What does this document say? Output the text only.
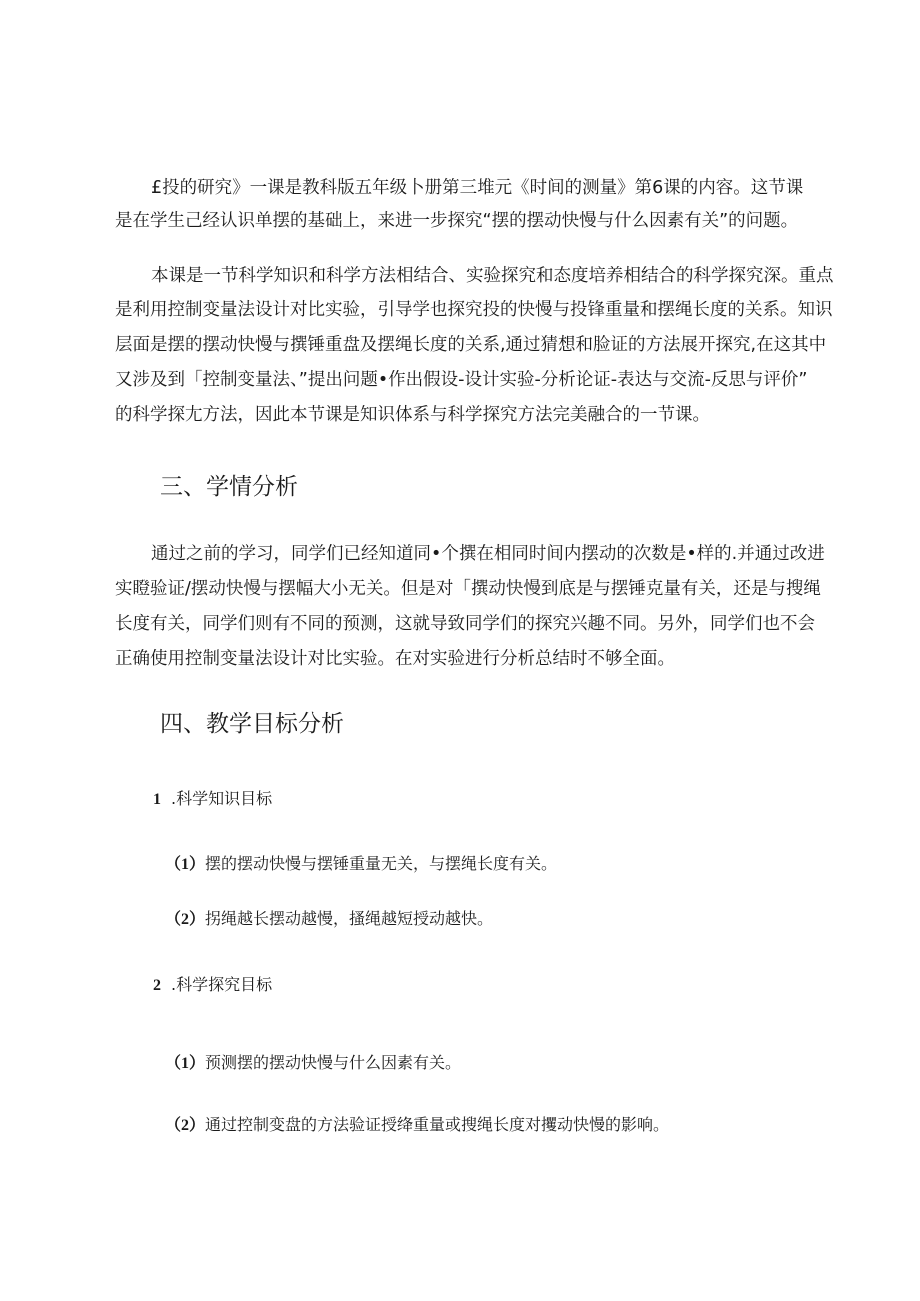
£投的研究》一课是教科版五年级卜册第三堆元《时间的测量》第6课的内容。这节课
是在学生己经认识单摆的基础上，来进一步探究“摆的摆动快慢与什么因素有关”的问题。
本课是一节科学知识和科学方法相结合、实验探究和态度培养相结合的科学探究深。重点
是利用控制变量法设计对比实验，引导学也探究投的快慢与投锋重量和摆绳长度的关系。知识
层面是摆的摆动快慢与撰锤重盘及摆绳长度的关系,通过猜想和脸证的方法展开探究,在这其中
又涉及到「控制变量法、”提出问题•作出假设-设计实验-分析论证-表达与交流-反思与评价”
的科学探尢方法，因此本节课是知识体系与科学探究方法完美融合的一节课。
三、学情分析
通过之前的学习，同学们已经知道同•个撰在相同时间内摆动的次数是•样的.并通过改进
实瞪验证/摆动快慢与摆幅大小无关。但是对「撰动快慢到底是与摆锤克量有关，还是与搜绳
长度有关，同学们则有不同的预测，这就导致同学们的探究兴趣不同。另外，同学们也不会
正确使用控制变量法设计对比实验。在对实验进行分析总结时不够全面。
四、教学目标分析
1 .科学知识目标
（1）摆的摆动快慢与摆锤重量无关，与摆绳长度有关。
（2）拐绳越长摆动越慢，搔绳越短授动越快。
2 .科学探究目标
（1）预测摆的摆动快慢与什么因素有关。
（2）通过控制变盘的方法验证授绛重量或搜绳长度对攫动快慢的影响。
